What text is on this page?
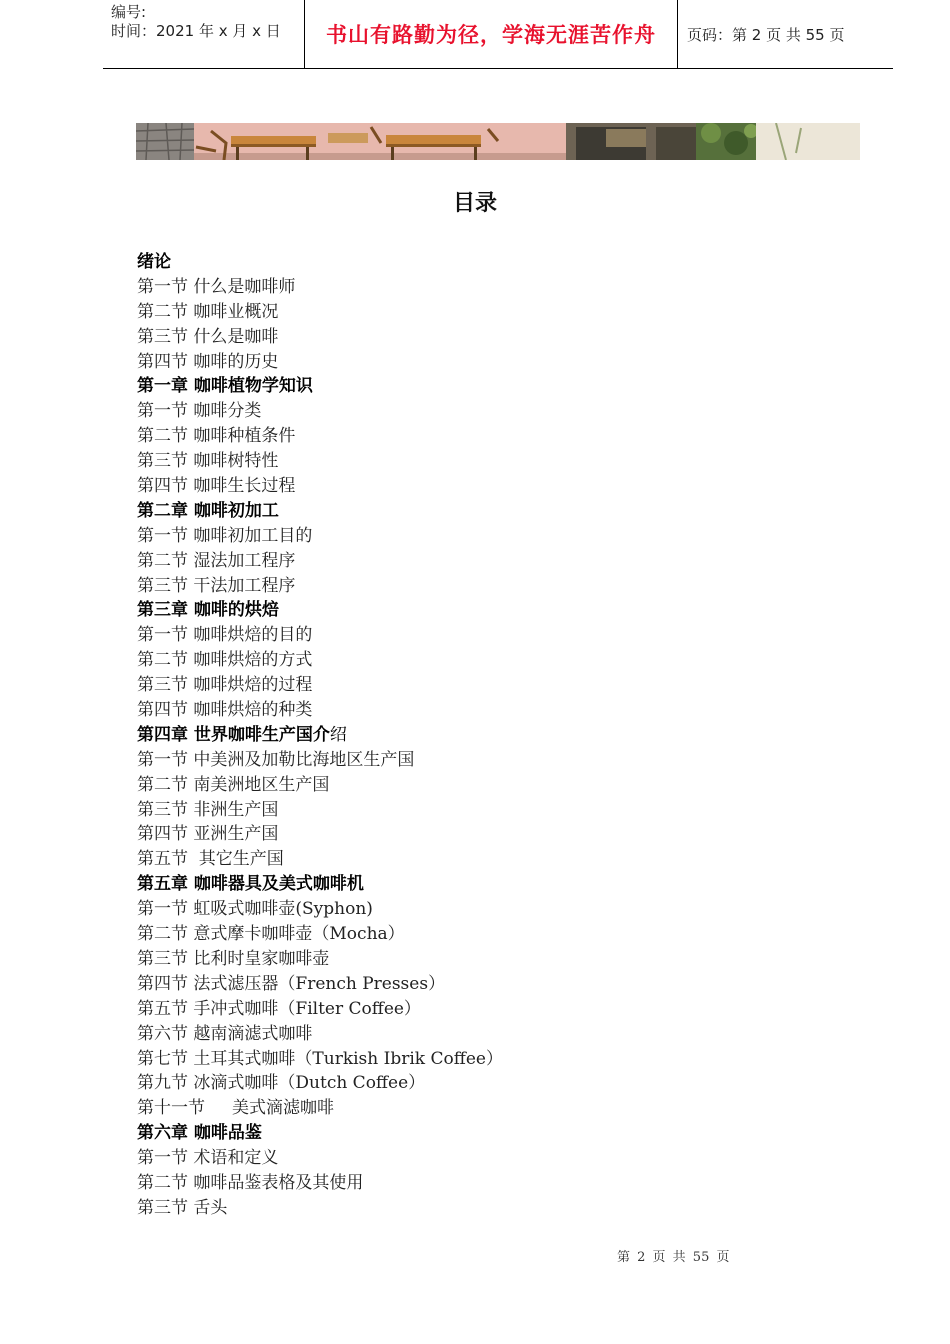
编号:
时间：2021 年 x 月 x 日	书山有路勤为径，学海无涯苦作舟	页码：第 2 页 共 55 页
目录
绪论
第一节 什么是咖啡师
第二节 咖啡业概况
第三节 什么是咖啡
第四节 咖啡的历史
第一章 咖啡植物学知识
第一节 咖啡分类
第二节 咖啡种植条件
第三节 咖啡树特性
第四节 咖啡生长过程
第二章 咖啡初加工
第一节 咖啡初加工目的
第二节 湿法加工程序
第三节 干法加工程序
第三章 咖啡的烘焙
第一节 咖啡烘焙的目的
第二节 咖啡烘焙的方式
第三节 咖啡烘焙的过程
第四节 咖啡烘焙的种类
第四章 世界咖啡生产国介绍
第一节 中美洲及加勒比海地区生产国
第二节 南美洲地区生产国
第三节 非洲生产国
第四节 亚洲生产国
第五节  其它生产国
第五章 咖啡器具及美式咖啡机
第一节 虹吸式咖啡壶(Syphon)
第二节 意式摩卡咖啡壶（Mocha）
第三节 比利时皇家咖啡壶
第四节 法式滤压器（French Presses）
第五节 手冲式咖啡（Filter Coffee）
第六节 越南滴滤式咖啡
第七节 土耳其式咖啡（Turkish Ibrik Coffee）
第九节 冰滴式咖啡（Dutch Coffee）
第十一节     美式滴滤咖啡
第六章 咖啡品鉴
第一节 术语和定义
第二节 咖啡品鉴表格及其使用
第三节 舌头
第 2 页 共 55 页
